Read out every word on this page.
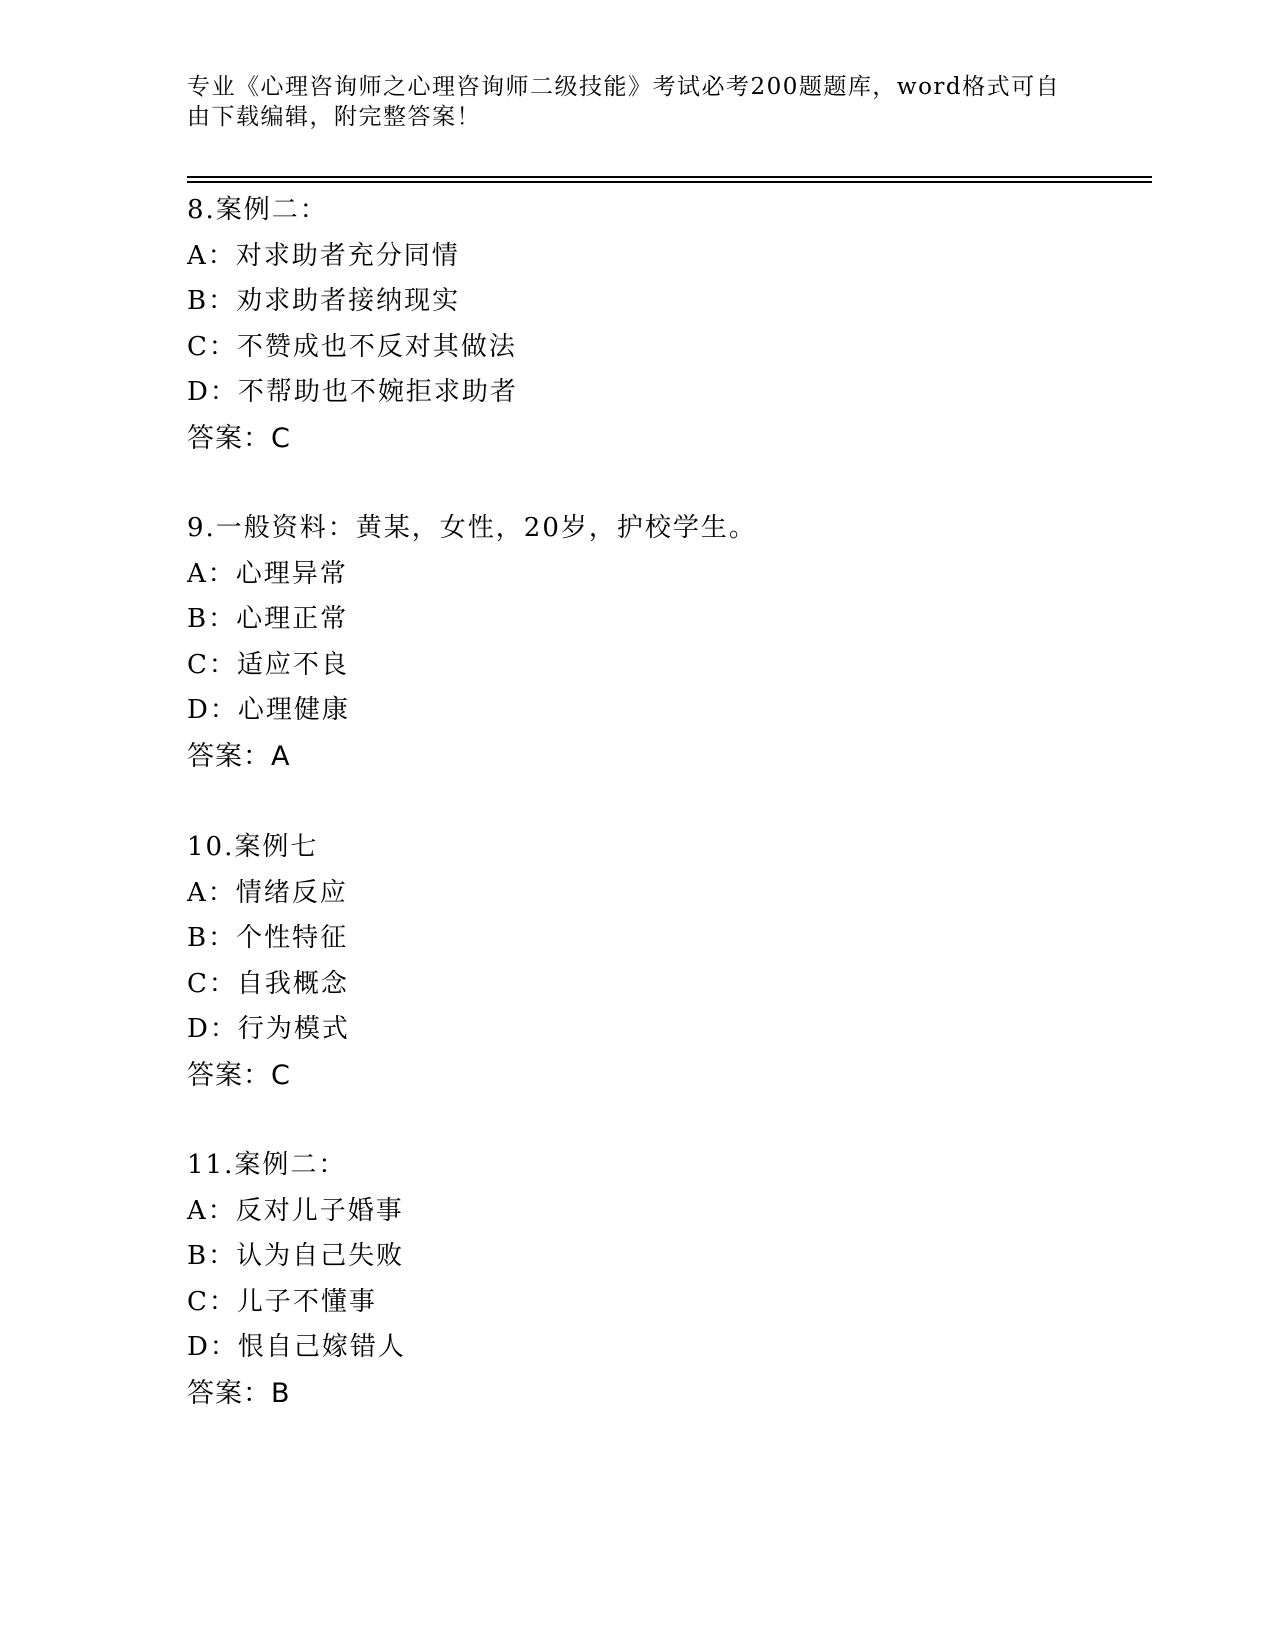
专业《心理咨询师之心理咨询师二级技能》考试必考200题题库，word格式可自由下载编辑，附完整答案！
8.案例二：
A：对求助者充分同情
B：劝求助者接纳现实
C：不赞成也不反对其做法
D：不帮助也不婉拒求助者
答案：C
9.一般资料：黄某，女性，20岁，护校学生。
A：心理异常
B：心理正常
C：适应不良
D：心理健康
答案：A
10.案例七
A：情绪反应
B：个性特征
C：自我概念
D：行为模式
答案：C
11.案例二：
A：反对儿子婚事
B：认为自己失败
C：儿子不懂事
D：恨自己嫁错人
答案：B
